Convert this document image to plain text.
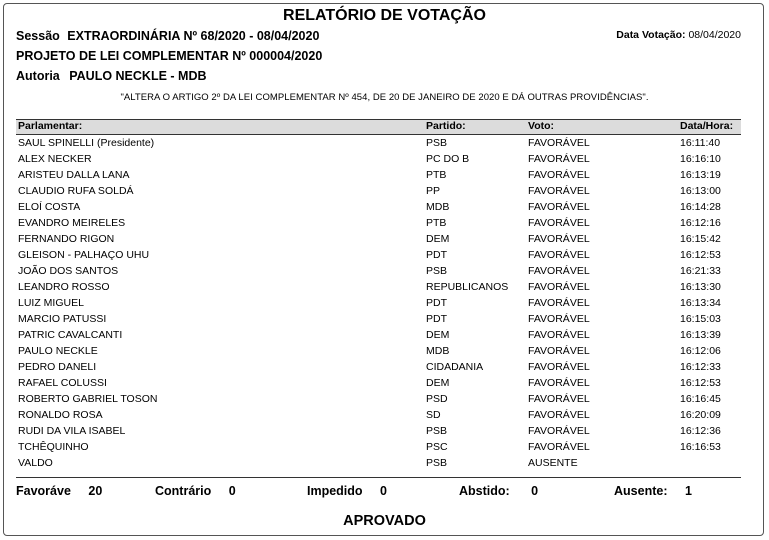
RELATÓRIO DE VOTAÇÃO
Sessão EXTRAORDINÁRIA Nº 68/2020 - 08/04/2020	Data Votação: 08/04/2020
PROJETO DE LEI COMPLEMENTAR Nº 000004/2020
Autoria PAULO NECKLE - MDB
"ALTERA O ARTIGO 2º DA LEI COMPLEMENTAR Nº 454, DE 20 DE JANEIRO DE 2020 E DÁ OUTRAS PROVIDÊNCIAS".
Parlamentar:	Partido:	Voto:	Data/Hora:
SAUL SPINELLI (Presidente)	PSB	FAVORÁVEL	16:11:40
ALEX NECKER	PC DO B	FAVORÁVEL	16:16:10
ARISTEU DALLA LANA	PTB	FAVORÁVEL	16:13:19
CLAUDIO RUFA SOLDÁ	PP	FAVORÁVEL	16:13:00
ELOÍ COSTA	MDB	FAVORÁVEL	16:14:28
EVANDRO MEIRELES	PTB	FAVORÁVEL	16:12:16
FERNANDO RIGON	DEM	FAVORÁVEL	16:15:42
GLEISON - PALHAÇO UHU	PDT	FAVORÁVEL	16:12:53
JOÃO DOS SANTOS	PSB	FAVORÁVEL	16:21:33
LEANDRO ROSSO	REPUBLICANOS FAVORÁVEL	16:13:30
LUIZ MIGUEL	PDT	FAVORÁVEL	16:13:34
MARCIO PATUSSI	PDT	FAVORÁVEL	16:15:03
PATRIC CAVALCANTI	DEM	FAVORÁVEL	16:13:39
PAULO NECKLE	MDB	FAVORÁVEL	16:12:06
PEDRO DANELI	CIDADANIA	FAVORÁVEL	16:12:33
RAFAEL COLUSSI	DEM	FAVORÁVEL	16:12:53
ROBERTO GABRIEL TOSON	PSD	FAVORÁVEL	16:16:45
RONALDO ROSA	SD	FAVORÁVEL	16:20:09
RUDI DA VILA ISABEL	PSB	FAVORÁVEL	16:12:36
TCHÊQUINHO	PSC	FAVORÁVEL	16:16:53
VALDO	PSB	AUSENTE
Favoráve 20	Contrário 0	Impedido 0	Abstido: 0	Ausente: 1
APROVADO
